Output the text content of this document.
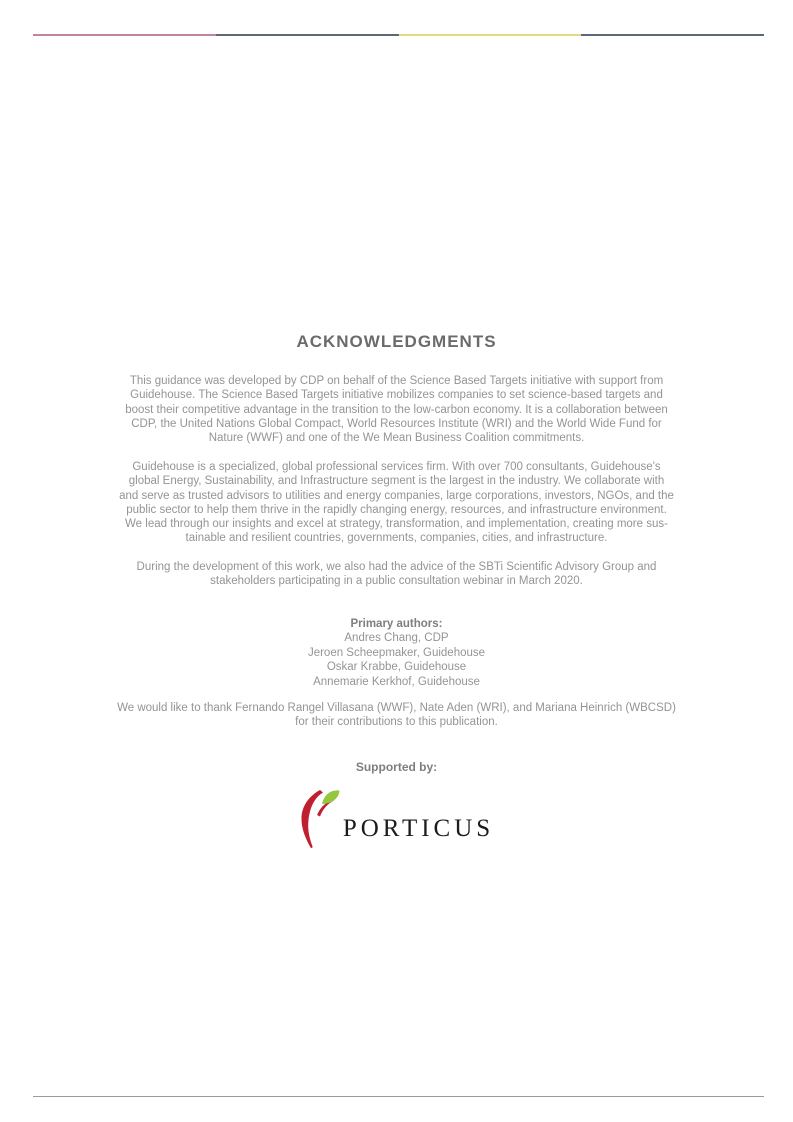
ACKNOWLEDGMENTS
This guidance was developed by CDP on behalf of the Science Based Targets initiative with support from
Guidehouse. The Science Based Targets initiative mobilizes companies to set science-based targets and
boost their competitive advantage in the transition to the low-carbon economy. It is a collaboration between
CDP, the United Nations Global Compact, World Resources Institute (WRI) and the World Wide Fund for
Nature (WWF) and one of the We Mean Business Coalition commitments.
Guidehouse is a specialized, global professional services firm. With over 700 consultants, Guidehouse's
global Energy, Sustainability, and Infrastructure segment is the largest in the industry. We collaborate with
and serve as trusted advisors to utilities and energy companies, large corporations, investors, NGOs, and the
public sector to help them thrive in the rapidly changing energy, resources, and infrastructure environment.
We lead through our insights and excel at strategy, transformation, and implementation, creating more sus-
tainable and resilient countries, governments, companies, cities, and infrastructure.
During the development of this work, we also had the advice of the SBTi Scientific Advisory Group and
stakeholders participating in a public consultation webinar in March 2020.
Primary authors:
Andres Chang, CDP
Jeroen Scheepmaker, Guidehouse
Oskar Krabbe, Guidehouse
Annemarie Kerkhof, Guidehouse
We would like to thank Fernando Rangel Villasana (WWF), Nate Aden (WRI), and Mariana Heinrich (WBCSD)
for their contributions to this publication.
Supported by:
PORTICUS
